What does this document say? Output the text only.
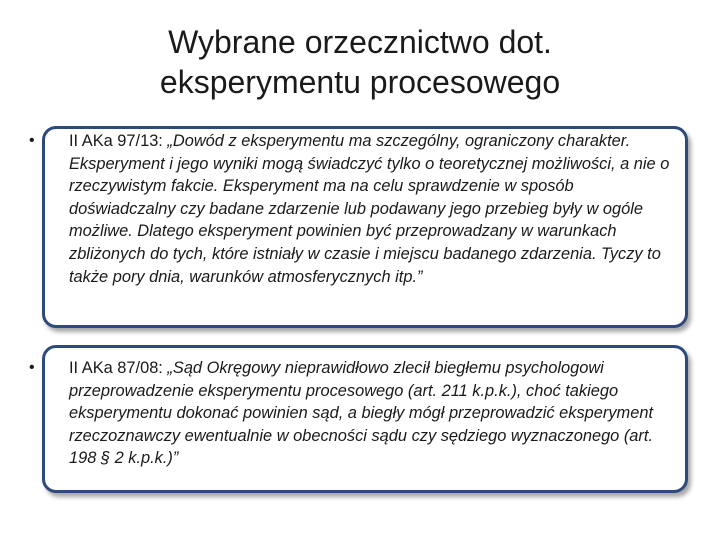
Wybrane orzecznictwo dot.
eksperymentu procesowego
•	II AKa 97/13: „Dowód z eksperymentu ma szczególny, ograniczony charakter. Eksperyment i jego wyniki mogą świadczyć tylko o teoretycznej możliwości, a nie o rzeczywistym fakcie. Eksperyment ma na celu sprawdzenie w sposób doświadczalny czy badane zdarzenie lub podawany jego przebieg były w ogóle możliwe. Dlatego eksperyment powinien być przeprowadzany w warunkach zbliżonych do tych, które istniały w czasie i miejscu badanego zdarzenia. Tyczy to także pory dnia, warunków atmosferycznych itp.”
•	II AKa 87/08: „Sąd Okręgowy nieprawidłowo zlecił biegłemu psychologowi przeprowadzenie eksperymentu procesowego (art. 211 k.p.k.), choć takiego eksperymentu dokonać powinien sąd, a biegły mógł przeprowadzić eksperyment rzeczoznawczy ewentualnie w obecności sądu czy sędziego wyznaczonego (art. 198 § 2 k.p.k.)”
